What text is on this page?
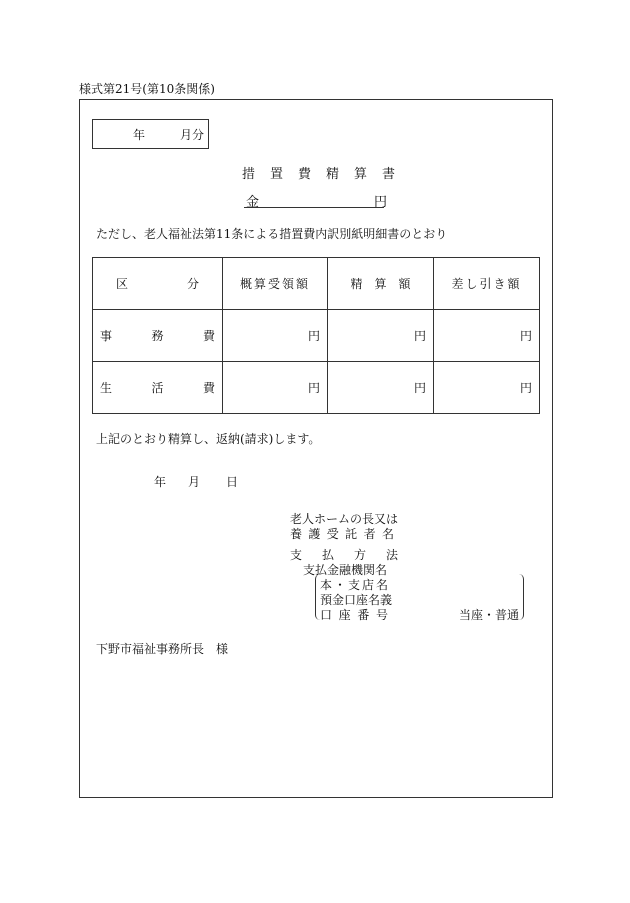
様式第21号(第10条関係)
年	月分
措置費精算書
金	円
ただし、老人福祉法第11条による措置費内訳別紙明細書のとおり
区 分	概算受領額	精　算　額	差し引き額

事 務 費	円	円	円

生 活 費	円	円	円
上記のとおり精算し、返納(請求)します。
年 月 日
老人ホームの長又は
養 護 受 託 者 名
支 払 方 法
支払金融機関名
本 ・ 支 店 名
預金口座名義
口 座 番 号	当座・普通
下野市福祉事務所長　様
